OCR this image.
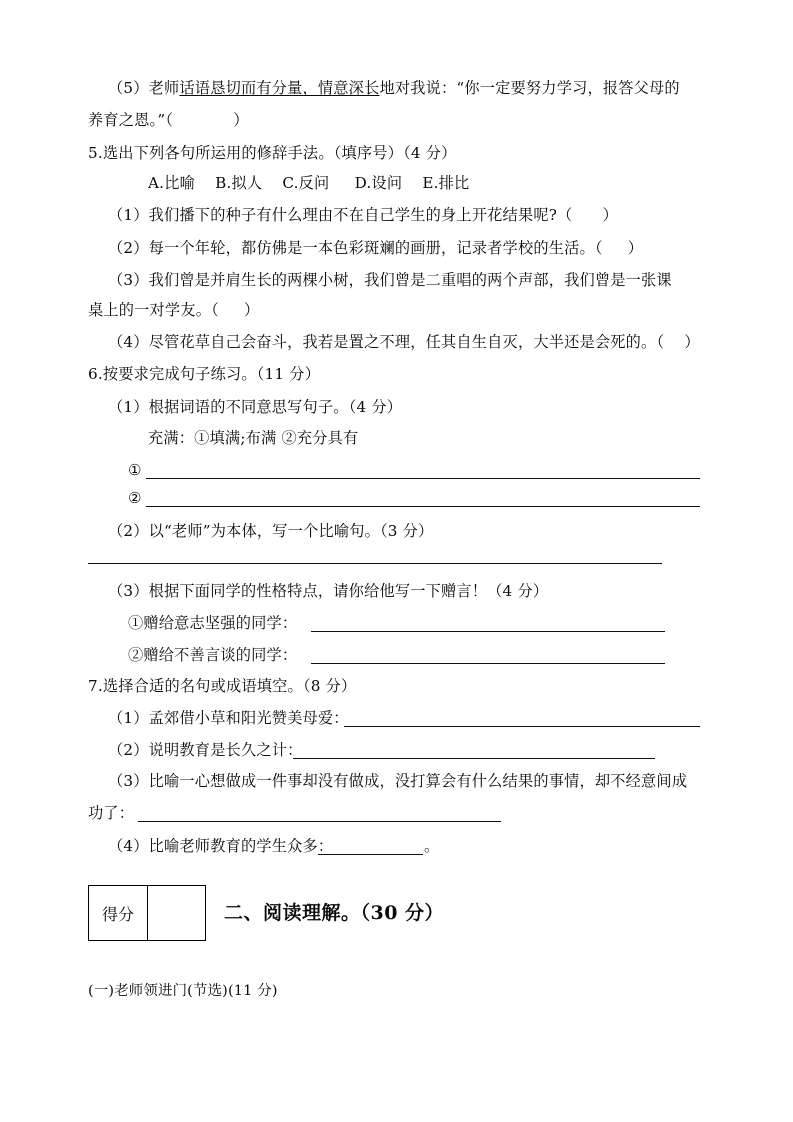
（5）老师话语恳切而有分量，情意深长地对我说：“你一定要努力学习，报答父母的
养育之恩。”（            ）
5.选出下列各句所运用的修辞手法。（填序号）（4 分）
A.比喻    B.拟人    C.反问     D.设问    E.排比
（1）我们播下的种子有什么理由不在自己学生的身上开花结果呢?（      ）
（2）每一个年轮，都仿佛是一本色彩斑斓的画册，记录者学校的生活。（     ）
（3）我们曾是并肩生长的两棵小树，我们曾是二重唱的两个声部，我们曾是一张课
桌上的一对学友。（     ）
（4）尽管花草自己会奋斗，我若是置之不理，任其自生自灭，大半还是会死的。（    ）
6.按要求完成句子练习。（11 分）
（1）根据词语的不同意思写句子。（4 分）
充满：①填满;布满 ②充分具有
①
②
（2）以“老师”为本体，写一个比喻句。（3 分）
（3）根据下面同学的性格特点，请你给他写一下赠言！（4 分）
①赠给意志坚强的同学：
②赠给不善言谈的同学：
7.选择合适的名句或成语填空。（8 分）
（1）孟郊借小草和阳光赞美母爱：
（2）说明教育是长久之计：
（3）比喻一心想做成一件事却没有做成，没打算会有什么结果的事情，却不经意间成
功了：
（4）比喻老师教育的学生众多：	。
得分	二、阅读理解。（30 分）
(一)老师领进门(节选)(11 分)
